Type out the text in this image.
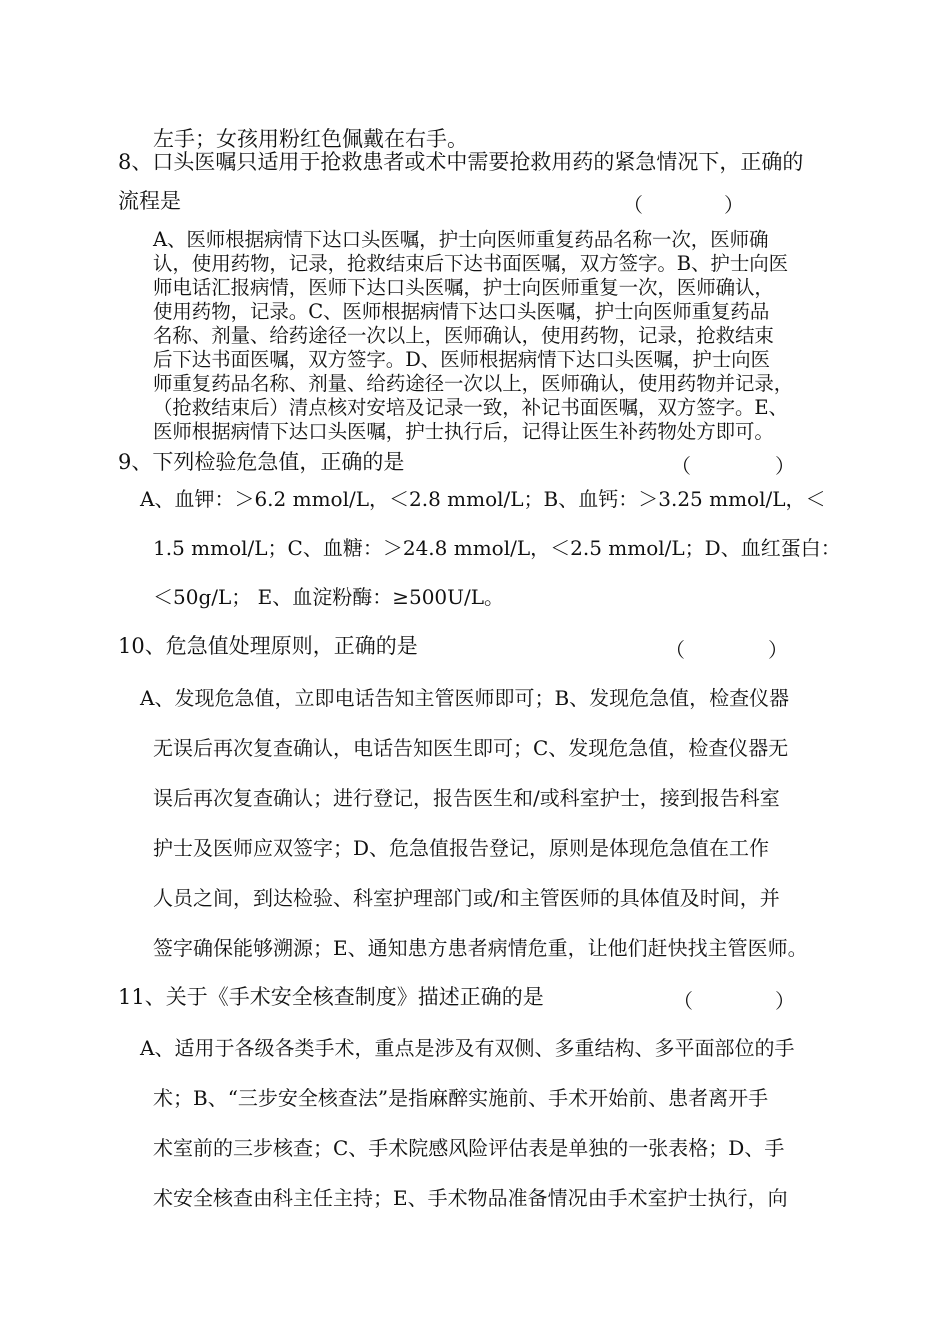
左手；女孩用粉红色佩戴在右手。
8、口头医嘱只适用于抢救患者或术中需要抢救用药的紧急情况下，正确的
流程是	（	）
A、医师根据病情下达口头医嘱，护士向医师重复药品名称一次，医师确
认，使用药物，记录，抢救结束后下达书面医嘱，双方签字。B、护士向医
师电话汇报病情，医师下达口头医嘱，护士向医师重复一次，医师确认，
使用药物，记录。C、医师根据病情下达口头医嘱，护士向医师重复药品
名称、剂量、给药途径一次以上，医师确认，使用药物，记录，抢救结束
后下达书面医嘱，双方签字。D、医师根据病情下达口头医嘱，护士向医
师重复药品名称、剂量、给药途径一次以上，医师确认，使用药物并记录，
（抢救结束后）清点核对安培及记录一致，补记书面医嘱，双方签字。E、
医师根据病情下达口头医嘱，护士执行后，记得让医生补药物处方即可。
9、下列检验危急值，正确的是	（	）
A、血钾：＞6.2 mmol/L，＜2.8 mmol/L；B、血钙：＞3.25 mmol/L，＜
1.5 mmol/L；C、血糖：＞24.8 mmol/L，＜2.5 mmol/L；D、血红蛋白：
＜50g/L； E、血淀粉酶：≥500U/L。
10、危急值处理原则，正确的是	（	）
A、发现危急值，立即电话告知主管医师即可；B、发现危急值，检查仪器
无误后再次复查确认，电话告知医生即可；C、发现危急值，检查仪器无
误后再次复查确认；进行登记，报告医生和/或科室护士，接到报告科室
护士及医师应双签字；D、危急值报告登记，原则是体现危急值在工作
人员之间，到达检验、科室护理部门或/和主管医师的具体值及时间，并
签字确保能够溯源；E、通知患方患者病情危重，让他们赶快找主管医师。
11、关于《手术安全核查制度》描述正确的是	（	）
A、适用于各级各类手术，重点是涉及有双侧、多重结构、多平面部位的手
术；B、“三步安全核查法”是指麻醉实施前、手术开始前、患者离开手
术室前的三步核查；C、手术院感风险评估表是单独的一张表格；D、手
术安全核查由科主任主持；E、手术物品准备情况由手术室护士执行，向
